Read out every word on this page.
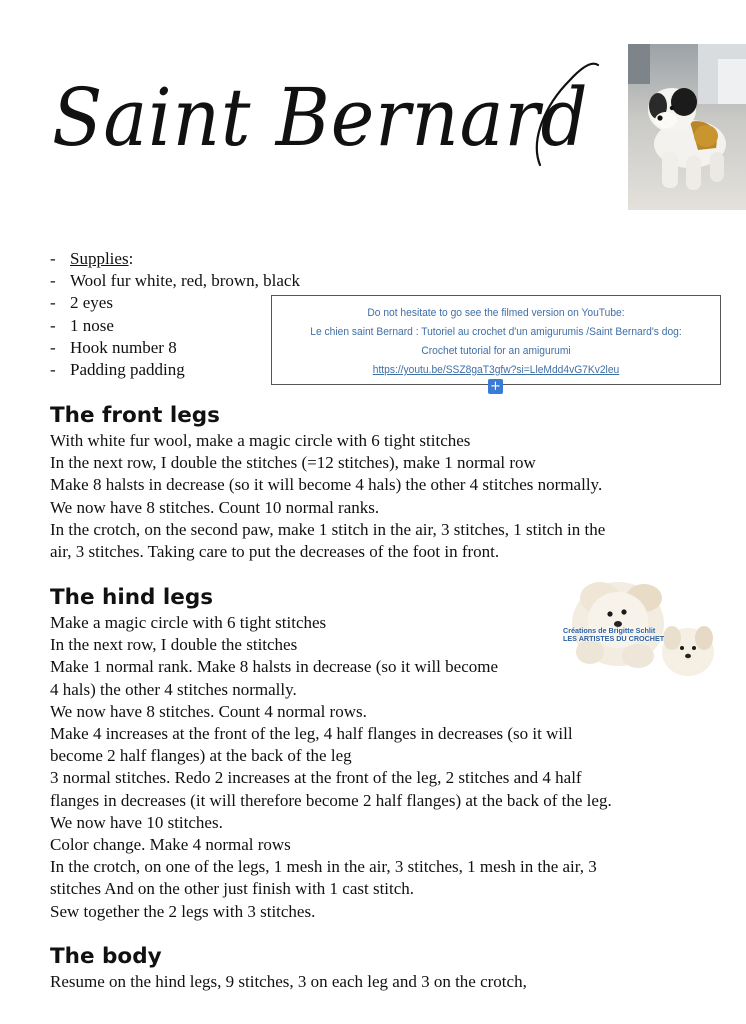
Saint Bernard
- Supplies:
- Wool fur white, red, brown, black
- 2 eyes
- 1 nose
- Hook number 8
- Padding padding
Do not hesitate to go see the filmed version on YouTube:
Le chien saint Bernard : Tutoriel au crochet d'un amigurumis /Saint Bernard's dog: Crochet tutorial for an amigurumi
https://youtu.be/SSZ8gaT3gfw?si=LleMdd4vG7Kv2leu
+
The front legs
With white fur wool, make a magic circle with 6 tight stitches
In the next row, I double the stitches (=12 stitches), make 1 normal row
Make 8 halsts in decrease (so it will become 4 hals) the other 4 stitches normally.
We now have 8 stitches. Count 10 normal ranks.
In the crotch, on the second paw, make 1 stitch in the air, 3 stitches, 1 stitch in the
air, 3 stitches. Taking care to put the decreases of the foot in front.
The hind legs
Make a magic circle with 6 tight stitches
In the next row, I double the stitches
Make 1 normal rank. Make 8 halsts in decrease (so it will become
4 hals) the other 4 stitches normally.
We now have 8 stitches. Count 4 normal rows.
Make 4 increases at the front of the leg, 4 half flanges in decreases (so it will
become 2 half flanges) at the back of the leg
3 normal stitches. Redo 2 increases at the front of the leg, 2 stitches and 4 half
flanges in decreases (it will therefore become 2 half flanges) at the back of the leg.
We now have 10 stitches.
Color change. Make 4 normal rows
In the crotch, on one of the legs, 1 mesh in the air, 3 stitches, 1 mesh in the air, 3
stitches And on the other just finish with 1 cast stitch.
Sew together the 2 legs with 3 stitches.
Créations de Brigitte Schlit
LES ARTISTES DU CROCHET
The body
Resume on the hind legs, 9 stitches, 3 on each leg and 3 on the crotch,
